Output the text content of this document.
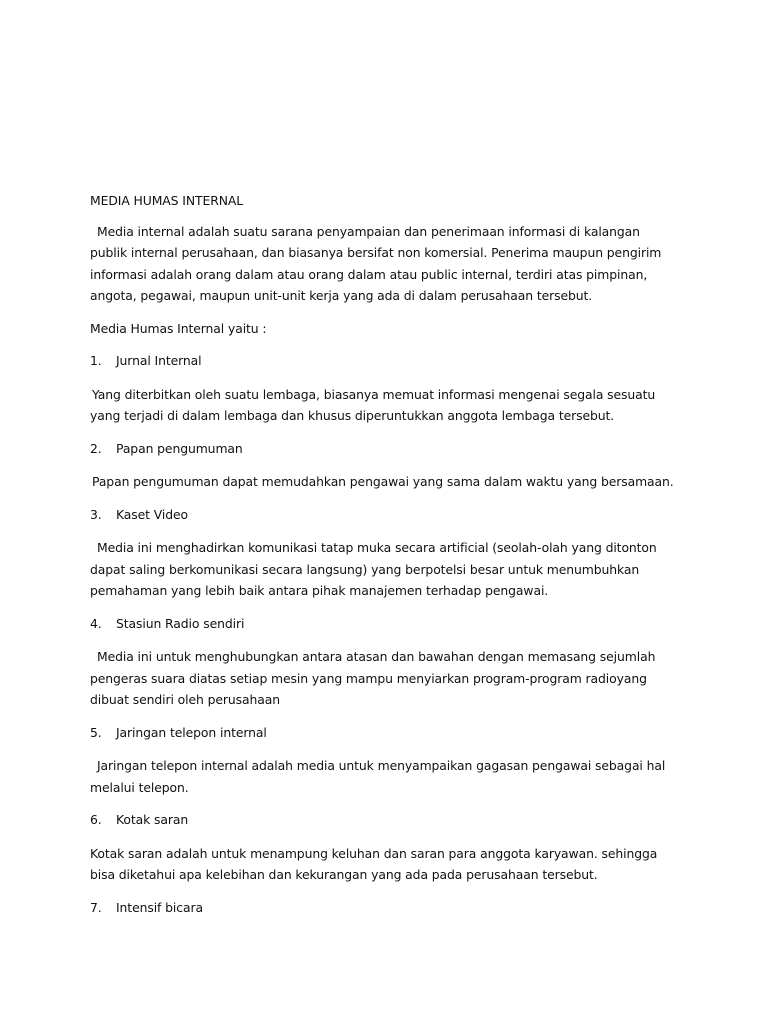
MEDIA HUMAS INTERNAL

Media internal adalah suatu sarana penyampaian dan penerimaan informasi di kalangan publik internal perusahaan, dan biasanya bersifat non komersial. Penerima maupun pengirim informasi adalah orang dalam atau orang dalam atau public internal, terdiri atas pimpinan, angota, pegawai, maupun unit-unit kerja yang ada di dalam perusahaan tersebut.

Media Humas Internal yaitu :

1.	Jurnal Internal

Yang diterbitkan oleh suatu lembaga, biasanya memuat informasi mengenai segala sesuatu yang terjadi di dalam lembaga dan khusus diperuntukkan anggota lembaga tersebut.

2.	Papan pengumuman

Papan pengumuman dapat memudahkan pengawai yang sama dalam waktu yang bersamaan.

3.	Kaset Video

Media ini menghadirkan komunikasi tatap muka secara artificial (seolah-olah yang ditonton dapat saling berkomunikasi secara langsung) yang berpotelsi besar untuk menumbuhkan pemahaman yang lebih baik antara pihak manajemen terhadap pengawai.

4.	Stasiun Radio sendiri

Media ini untuk menghubungkan antara atasan dan bawahan dengan memasang sejumlah pengeras suara diatas setiap mesin yang mampu menyiarkan program-program radioyang dibuat sendiri oleh perusahaan

5.	Jaringan telepon internal

Jaringan telepon internal adalah media untuk menyampaikan gagasan pengawai sebagai hal melalui telepon.

6.	Kotak saran

Kotak saran adalah untuk menampung keluhan dan saran para anggota karyawan. sehingga bisa diketahui apa kelebihan dan kekurangan yang ada pada perusahaan tersebut.

7.	Intensif bicara
